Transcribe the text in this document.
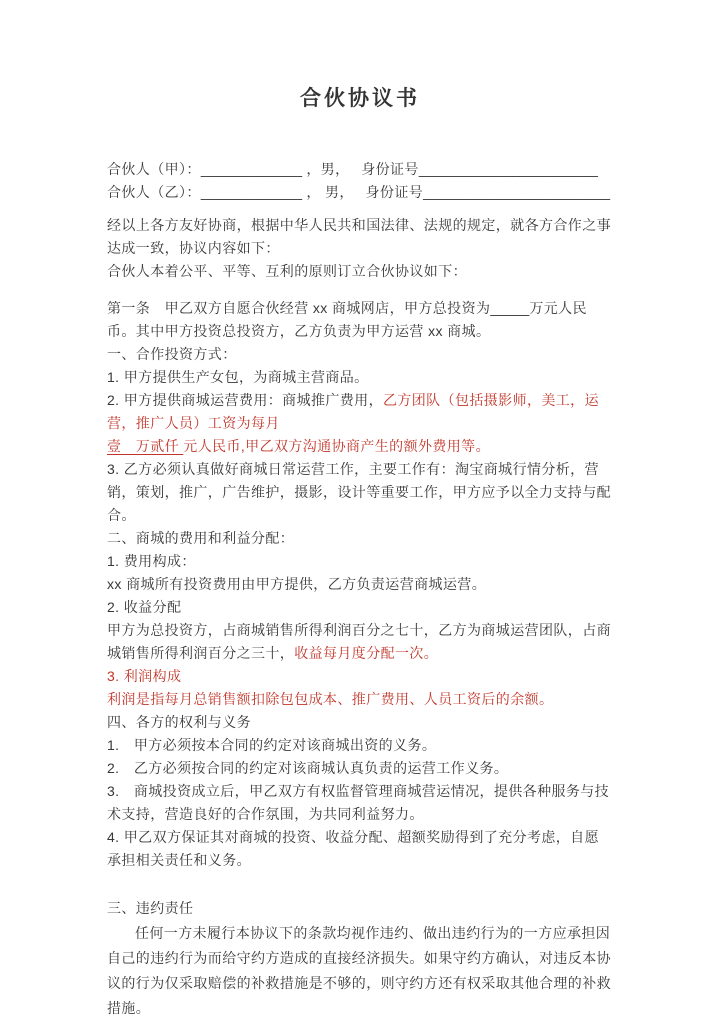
合伙协议书

合伙人（甲）：_____________ ，男，　 身份证号_______________________

合伙人（乙）：_____________ ， 男，　 身份证号________________________

经以上各方友好协商，根据中华人民共和国法律、法规的规定，就各方合作之事达成一致，协议内容如下：

合伙人本着公平、平等、互利的原则订立合伙协议如下：

第一条　甲乙双方自愿合伙经营 xx 商城网店，甲方总投资为_____万元人民币。其中甲方投资总投资方，乙方负责为甲方运营 xx 商城。

一、合作投资方式：

1. 甲方提供生产女包，为商城主营商品。

2. 甲方提供商城运营费用：商城推广费用，乙方团队（包括摄影师，美工，运营，推广人员）工资为每月
壹　万贰仟 元人民币,甲乙双方沟通协商产生的额外费用等。

3. 乙方必须认真做好商城日常运营工作，主要工作有：淘宝商城行情分析，营销，策划，推广，广告维护，摄影，设计等重要工作，甲方应予以全力支持与配合。

二、商城的费用和利益分配：

1. 费用构成：

xx 商城所有投资费用由甲方提供，乙方负责运营商城运营。

2. 收益分配

甲方为总投资方，占商城销售所得利润百分之七十，乙方为商城运营团队，占商城销售所得利润百分之三十，收益每月度分配一次。

3. 利润构成

利润是指每月总销售额扣除包包成本、推广费用、人员工资后的余额。

四、各方的权利与义务

1.　甲方必须按本合同的约定对该商城出资的义务。

2.　乙方必须按合同的约定对该商城认真负责的运营工作义务。

3.　商城投资成立后，甲乙双方有权监督管理商城营运情况，提供各种服务与技术支持，营造良好的合作氛围，为共同利益努力。

4. 甲乙双方保证其对商城的投资、收益分配、超额奖励得到了充分考虑，自愿承担相关责任和义务。

三、违约责任

任何一方未履行本协议下的条款均视作违约、做出违约行为的一方应承担因自己的违约行为而给守约方造成的直接经济损失。如果守约方确认，对违反本协议的行为仅采取赔偿的补救措施是不够的，则守约方还有权采取其他合理的补救措施。
